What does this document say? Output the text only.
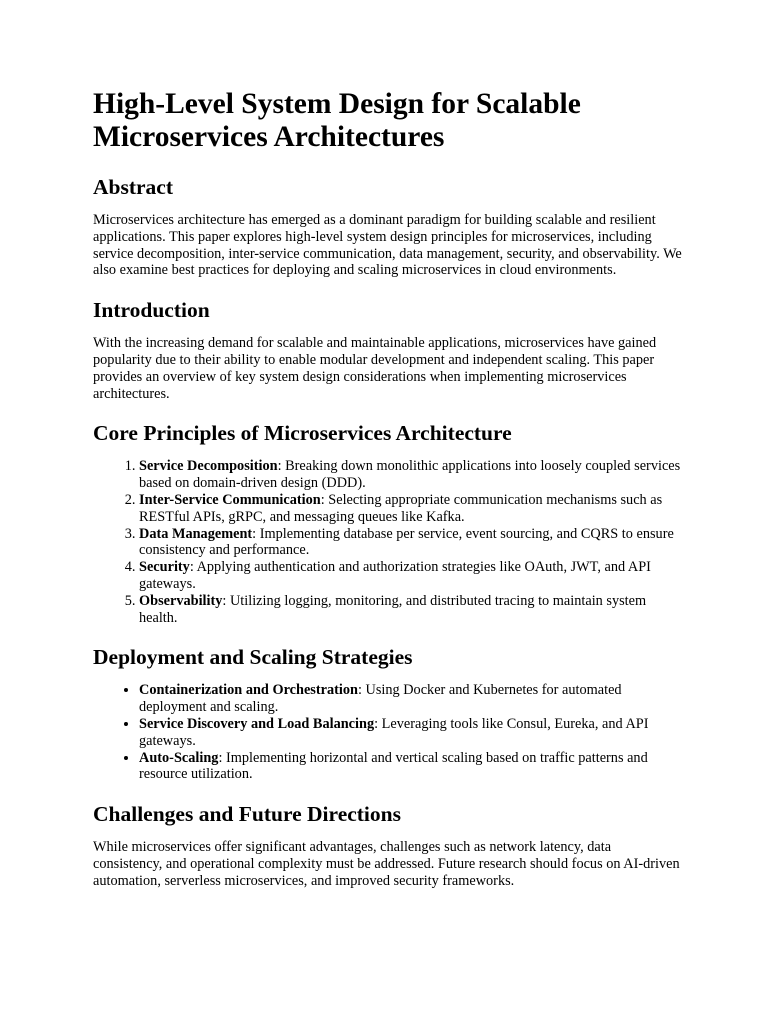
High-Level System Design for Scalable Microservices Architectures
Abstract

Microservices architecture has emerged as a dominant paradigm for building scalable and resilient applications. This paper explores high-level system design principles for microservices, including service decomposition, inter-service communication, data management, security, and observability. We also examine best practices for deploying and scaling microservices in cloud environments.

Introduction

With the increasing demand for scalable and maintainable applications, microservices have gained popularity due to their ability to enable modular development and independent scaling. This paper provides an overview of key system design considerations when implementing microservices architectures.

Core Principles of Microservices Architecture
1. Service Decomposition: Breaking down monolithic applications into loosely coupled services based on domain-driven design (DDD).
2. Inter-Service Communication: Selecting appropriate communication mechanisms such as RESTful APIs, gRPC, and messaging queues like Kafka.
3. Data Management: Implementing database per service, event sourcing, and CQRS to ensure consistency and performance.
4. Security: Applying authentication and authorization strategies like OAuth, JWT, and API gateways.
5. Observability: Utilizing logging, monitoring, and distributed tracing to maintain system health.
Deployment and Scaling Strategies
• Containerization and Orchestration: Using Docker and Kubernetes for automated deployment and scaling.
• Service Discovery and Load Balancing: Leveraging tools like Consul, Eureka, and API gateways.
• Auto-Scaling: Implementing horizontal and vertical scaling based on traffic patterns and resource utilization.
Challenges and Future Directions

While microservices offer significant advantages, challenges such as network latency, data consistency, and operational complexity must be addressed. Future research should focus on AI-driven automation, serverless microservices, and improved security frameworks.
